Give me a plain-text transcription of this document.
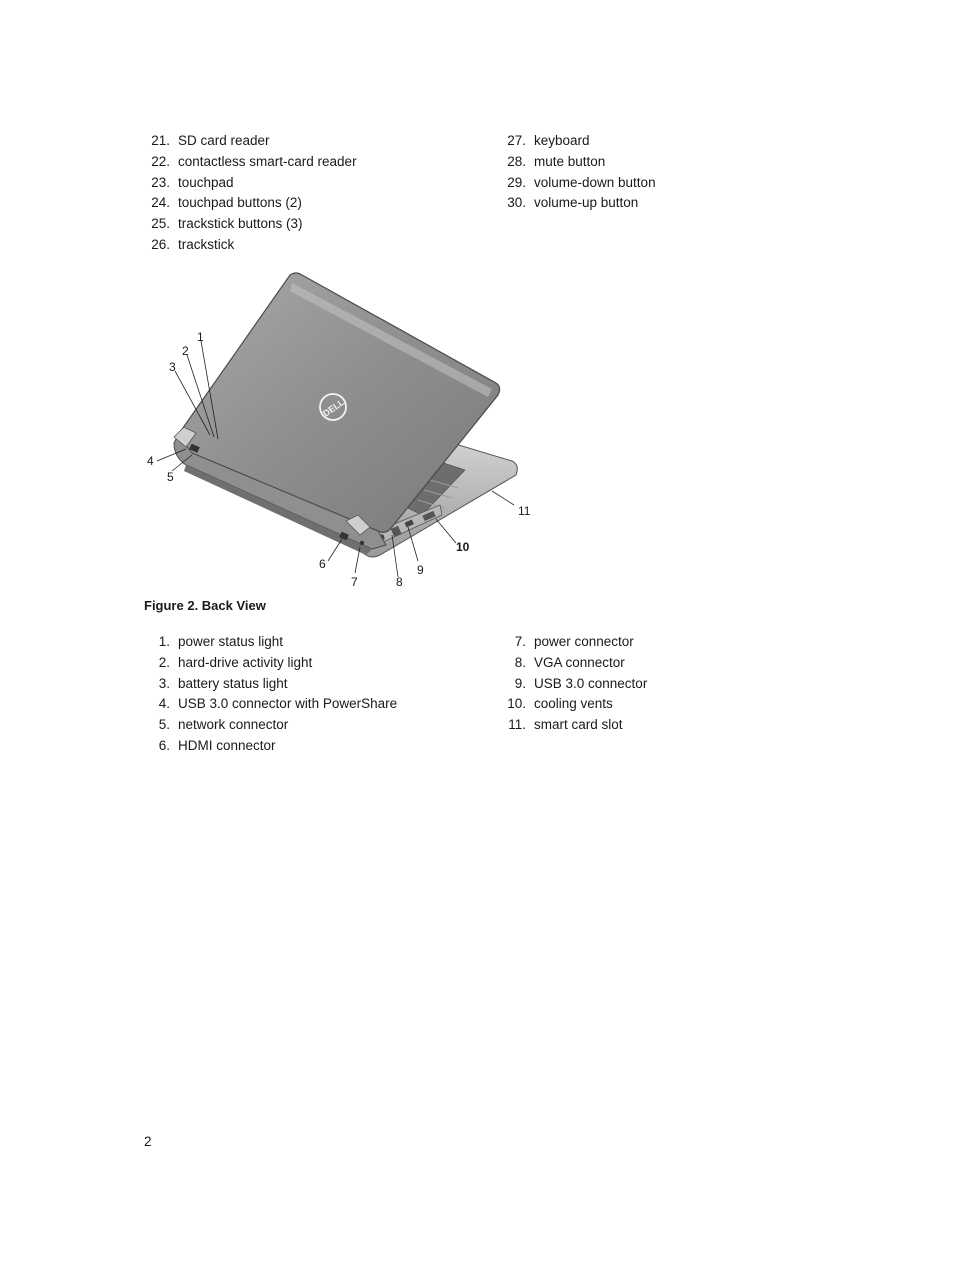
21. SD card reader
22. contactless smart-card reader
23. touchpad
24. touchpad buttons (2)
25. trackstick buttons (3)
26. trackstick
27. keyboard
28. mute button
29. volume-down button
30. volume-up button
DELL
1
2
3
4
5
6
7	8
9
10
11
Figure 2. Back View
1. power status light
2. hard-drive activity light
3. battery status light
4. USB 3.0 connector with PowerShare
5. network connector
6. HDMI connector
7. power connector
8. VGA connector
9. USB 3.0 connector
10. cooling vents
11. smart card slot
2
